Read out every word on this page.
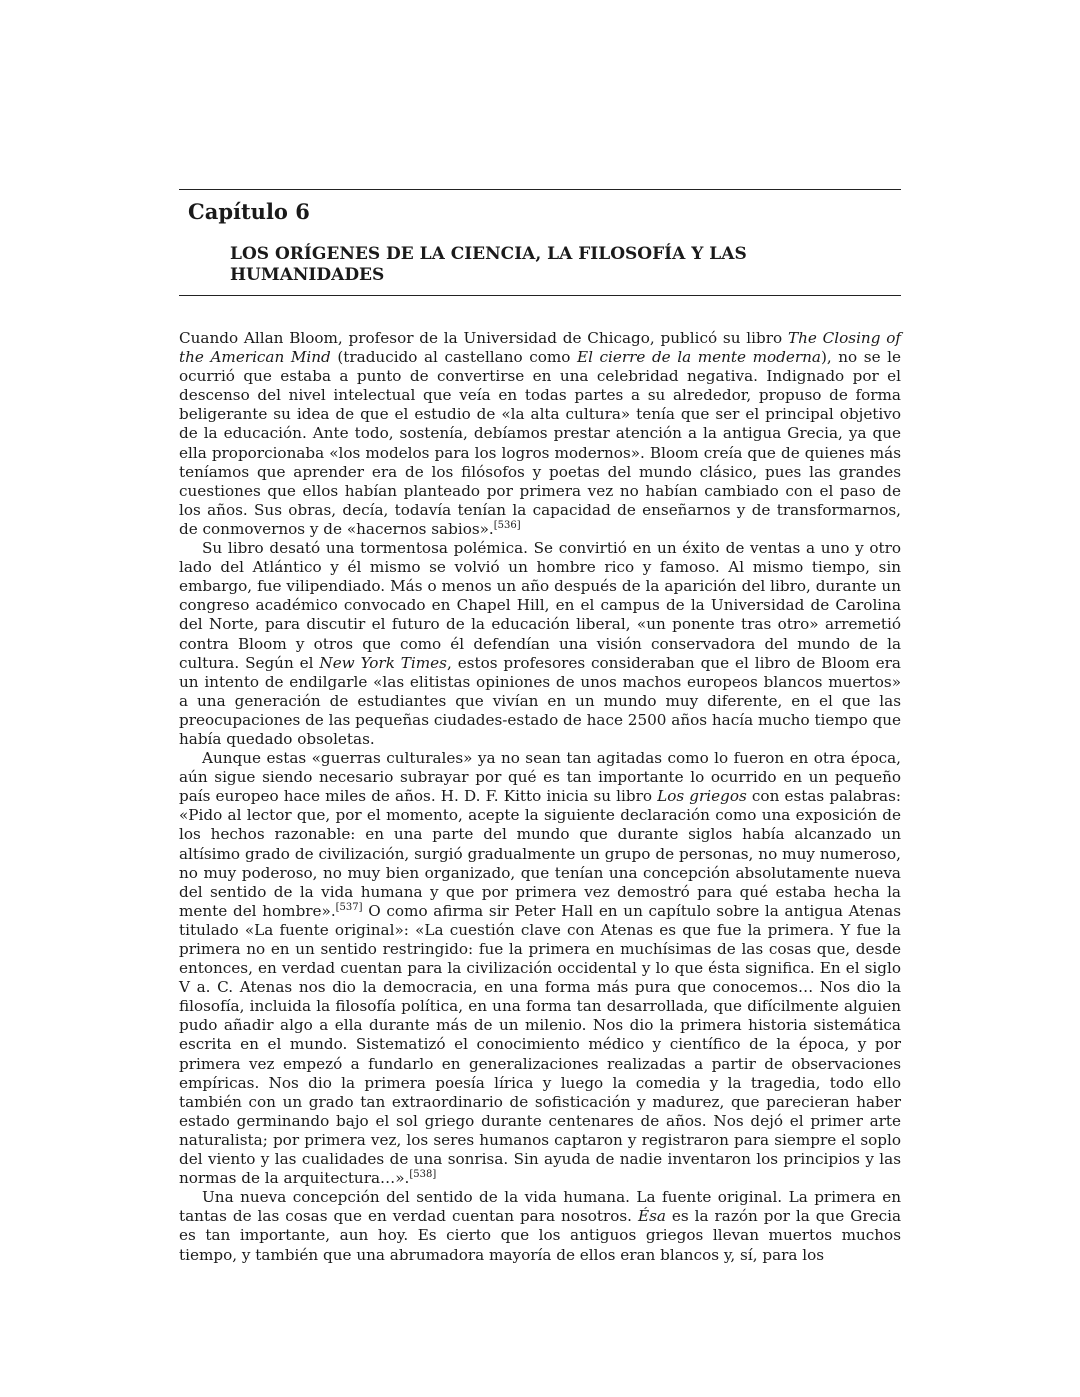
Capítulo 6
LOS ORÍGENES DE LA CIENCIA, LA FILOSOFÍA Y LAS
HUMANIDADES

Cuando Allan Bloom, profesor de la Universidad de Chicago, publicó su libro The Closing of the American Mind (traducido al castellano como El cierre de la mente moderna), no se le ocurrió que estaba a punto de convertirse en una celebridad negativa. Indignado por el descenso del nivel intelectual que veía en todas partes a su alrededor, propuso de forma beligerante su idea de que el estudio de «la alta cultura» tenía que ser el principal objetivo de la educación. Ante todo, sostenía, debíamos prestar atención a la antigua Grecia, ya que ella proporcionaba «los modelos para los logros modernos». Bloom creía que de quienes más teníamos que aprender era de los filósofos y poetas del mundo clásico, pues las grandes cuestiones que ellos habían planteado por primera vez no habían cambiado con el paso de los años. Sus obras, decía, todavía tenían la capacidad de enseñarnos y de transformarnos, de conmovernos y de «hacernos sabios».[536]

Su libro desató una tormentosa polémica. Se convirtió en un éxito de ventas a uno y otro lado del Atlántico y él mismo se volvió un hombre rico y famoso. Al mismo tiempo, sin embargo, fue vilipendiado. Más o menos un año después de la aparición del libro, durante un congreso académico convocado en Chapel Hill, en el campus de la Universidad de Carolina del Norte, para discutir el futuro de la educación liberal, «un ponente tras otro» arremetió contra Bloom y otros que como él defendían una visión conservadora del mundo de la cultura. Según el New York Times, estos profesores consideraban que el libro de Bloom era un intento de endilgarle «las elitistas opiniones de unos machos europeos blancos muertos» a una generación de estudiantes que vivían en un mundo muy diferente, en el que las preocupaciones de las pequeñas ciudades-estado de hace 2500 años hacía mucho tiempo que había quedado obsoletas.

Aunque estas «guerras culturales» ya no sean tan agitadas como lo fueron en otra época, aún sigue siendo necesario subrayar por qué es tan importante lo ocurrido en un pequeño país europeo hace miles de años. H. D. F. Kitto inicia su libro Los griegos con estas palabras: «Pido al lector que, por el momento, acepte la siguiente declaración como una exposición de los hechos razonable: en una parte del mundo que durante siglos había alcanzado un altísimo grado de civilización, surgió gradualmente un grupo de personas, no muy numeroso, no muy poderoso, no muy bien organizado, que tenían una concepción absolutamente nueva del sentido de la vida humana y que por primera vez demostró para qué estaba hecha la mente del hombre».[537] O como afirma sir Peter Hall en un capítulo sobre la antigua Atenas titulado «La fuente original»: «La cuestión clave con Atenas es que fue la primera. Y fue la primera no en un sentido restringido: fue la primera en muchísimas de las cosas que, desde entonces, en verdad cuentan para la civilización occidental y lo que ésta significa. En el siglo V a. C. Atenas nos dio la democracia, en una forma más pura que conocemos… Nos dio la filosofía, incluida la filosofía política, en una forma tan desarrollada, que difícilmente alguien pudo añadir algo a ella durante más de un milenio. Nos dio la primera historia sistemática escrita en el mundo. Sistematizó el conocimiento médico y científico de la época, y por primera vez empezó a fundarlo en generalizaciones realizadas a partir de observaciones empíricas. Nos dio la primera poesía lírica y luego la comedia y la tragedia, todo ello también con un grado tan extraordinario de sofisticación y madurez, que parecieran haber estado germinando bajo el sol griego durante centenares de años. Nos dejó el primer arte naturalista; por primera vez, los seres humanos captaron y registraron para siempre el soplo del viento y las cualidades de una sonrisa. Sin ayuda de nadie inventaron los principios y las normas de la arquitectura…».[538]

Una nueva concepción del sentido de la vida humana. La fuente original. La primera en tantas de las cosas que en verdad cuentan para nosotros. Ésa es la razón por la que Grecia es tan importante, aun hoy. Es cierto que los antiguos griegos llevan muertos muchos tiempo, y también que una abrumadora mayoría de ellos eran blancos y, sí, para los
